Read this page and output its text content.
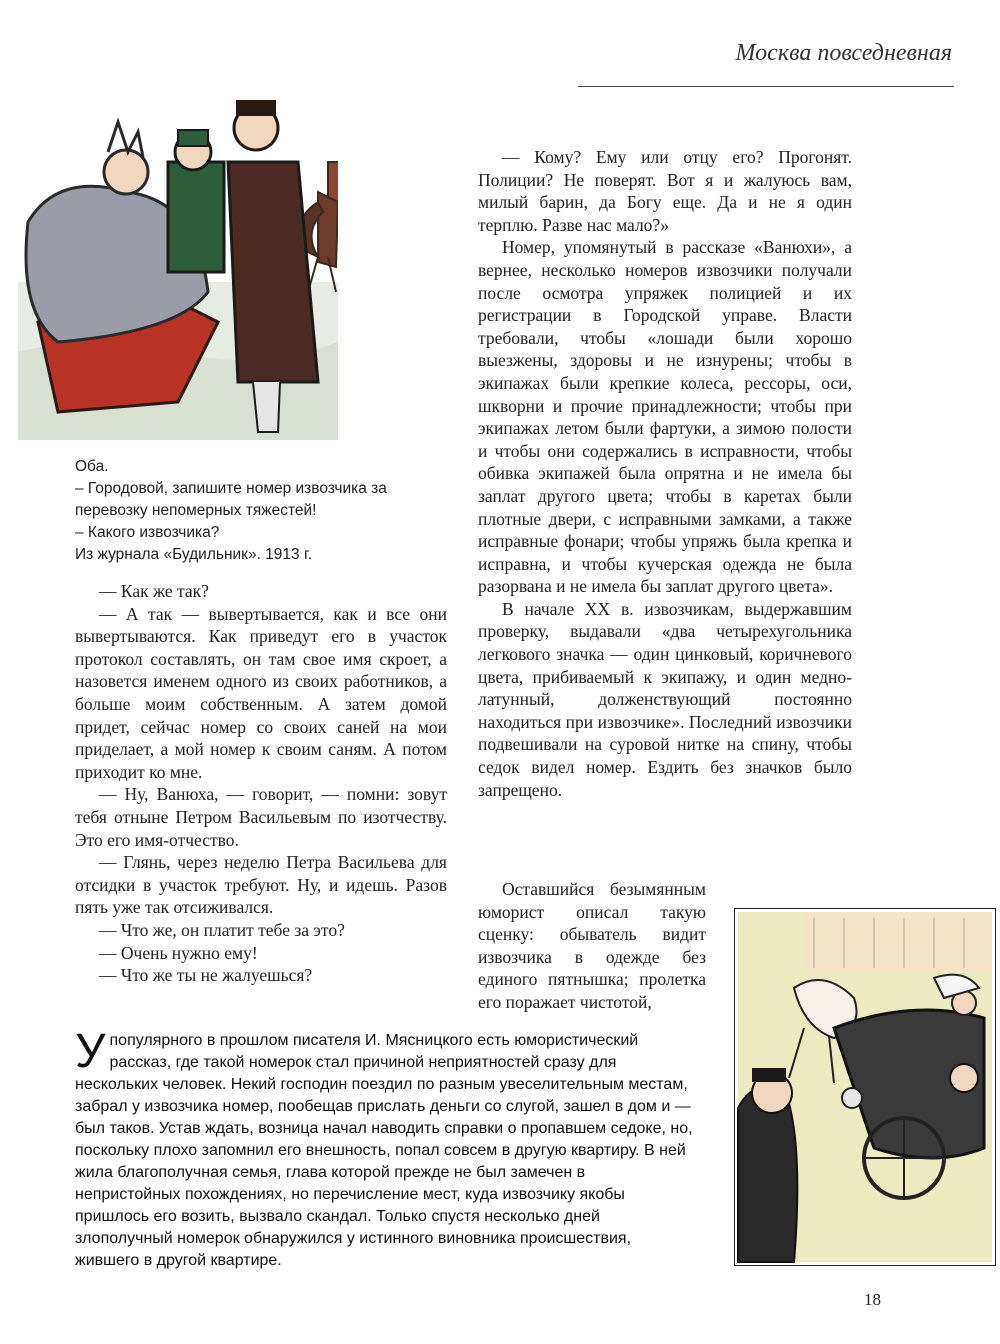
Москва повседневная
Оба.
– Городовой, запишите номер извозчика за
перевозку непомерных тяжестей!
– Какого извозчика?
Из журнала «Будильник». 1913 г.

— Как же так?

— А так — вывертывается, как и все они вывертываются. Как приведут его в участок протокол составлять, он там свое имя скроет, а назовется именем одного из своих работников, а больше моим собственным. А затем домой придет, сейчас номер со своих саней на мои приделает, а мой номер к своим саням. А потом приходит ко мне.

— Ну, Ванюха, — говорит, — помни: зовут тебя отныне Петром Васильевым по изотчеству. Это его имя-отчество.

— Глянь, через неделю Петра Васильева для отсидки в участок требуют. Ну, и идешь. Разов пять уже так отсиживался.

— Что же, он платит тебе за это?

— Очень нужно ему!

— Что же ты не жалуешься?

— Кому? Ему или отцу его? Прогонят. Полиции? Не поверят. Вот я и жалуюсь вам, милый барин, да Богу еще. Да и не я один терплю. Разве нас мало?»

Номер, упомянутый в рассказе «Ванюхи», а вернее, несколько номеров извозчики получали после осмотра упряжек полицией и их регистрации в Городской управе. Власти требовали, чтобы «лошади были хорошо выезжены, здоровы и не изнурены; чтобы в экипажах были крепкие колеса, рессоры, оси, шкворни и прочие принадлежности; чтобы при экипажах летом были фартуки, а зимою полости и чтобы они содержались в исправности, чтобы обивка экипажей была опрятна и не имела бы заплат другого цвета; чтобы в каретах были плотные двери, с исправными замками, а также исправные фонари; чтобы упряжь была крепка и исправна, и чтобы кучерская одежда не была разорвана и не имела бы заплат другого цвета».

В начале XX в. извозчикам, выдержавшим проверку, выдавали «два четырехугольника легкового значка — один цинковый, коричневого цвета, прибиваемый к экипажу, и один медно-латунный, долженствующий постоянно находиться при извозчике». Последний извозчики подвешивали на суровой нитке на спину, чтобы седок видел номер. Ездить без значков было запрещено.

Оставшийся безымянным юморист описал такую сценку: обыватель видит извозчика в одежде без единого пятнышка; пролетка его поражает чистотой,

У популярного в прошлом писателя И. Мясницкого есть юмористический рассказ, где такой номерок стал причиной неприятностей сразу для нескольких человек. Некий господин поездил по разным увеселительным местам, забрал у извозчика номер, пообещав прислать деньги со слугой, зашел в дом и — был таков. Устав ждать, возница начал наводить справки о пропавшем седоке, но, поскольку плохо запомнил его внешность, попал совсем в другую квартиру. В ней жила благополучная семья, глава которой прежде не был замечен в непристойных похождениях, но перечисление мест, куда извозчику якобы пришлось его возить, вызвало скандал. Только спустя несколько дней злополучный номерок обнаружился у истинного виновника происшествия, жившего в другой квартире.
18
